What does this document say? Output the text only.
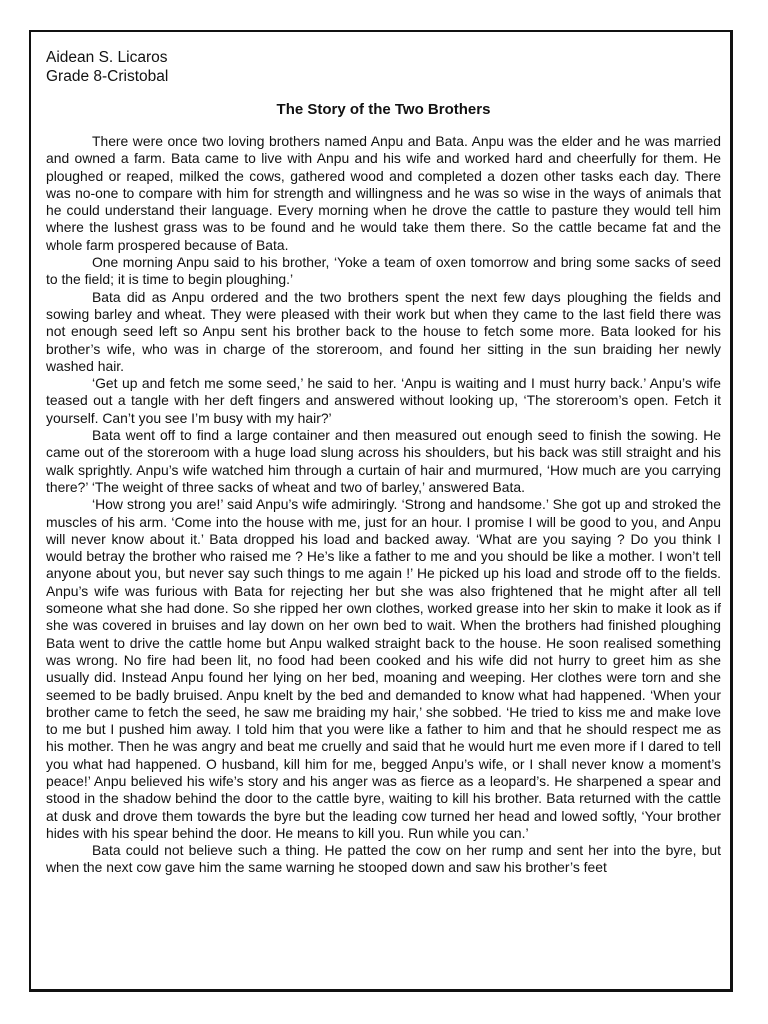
Aidean S. Licaros
Grade 8-Cristobal
The Story of the Two Brothers

There were once two loving brothers named Anpu and Bata. Anpu was the elder and he was married and owned a farm. Bata came to live with Anpu and his wife and worked hard and cheerfully for them. He ploughed or reaped, milked the cows, gathered wood and completed a dozen other tasks each day. There was no-one to compare with him for strength and willingness and he was so wise in the ways of animals that he could understand their language. Every morning when he drove the cattle to pasture they would tell him where the lushest grass was to be found and he would take them there. So the cattle became fat and the whole farm prospered because of Bata.

One morning Anpu said to his brother, ‘Yoke a team of oxen tomorrow and bring some sacks of seed to the field; it is time to begin ploughing.’

Bata did as Anpu ordered and the two brothers spent the next few days ploughing the fields and sowing barley and wheat. They were pleased with their work but when they came to the last field there was not enough seed left so Anpu sent his brother back to the house to fetch some more. Bata looked for his brother’s wife, who was in charge of the storeroom, and found her sitting in the sun braiding her newly washed hair.

‘Get up and fetch me some seed,’ he said to her. ‘Anpu is waiting and I must hurry back.’ Anpu’s wife teased out a tangle with her deft fingers and answered without looking up, ‘The storeroom’s open. Fetch it yourself. Can’t you see I’m busy with my hair?’

Bata went off to find a large container and then measured out enough seed to finish the sowing. He came out of the storeroom with a huge load slung across his shoulders, but his back was still straight and his walk sprightly. Anpu’s wife watched him through a curtain of hair and murmured, ‘How much are you carrying there?’ ‘The weight of three sacks of wheat and two of barley,’ answered Bata.

‘How strong you are!’ said Anpu’s wife admiringly. ‘Strong and handsome.’ She got up and stroked the muscles of his arm. ‘Come into the house with me, just for an hour. I promise I will be good to you, and Anpu will never know about it.’ Bata dropped his load and backed away. ‘What are you saying ? Do you think I would betray the brother who raised me ? He’s like a father to me and you should be like a mother. I won’t tell anyone about you, but never say such things to me again !’ He picked up his load and strode off to the fields. Anpu’s wife was furious with Bata for rejecting her but she was also frightened that he might after all tell someone what she had done. So she ripped her own clothes, worked grease into her skin to make it look as if she was covered in bruises and lay down on her own bed to wait. When the brothers had finished ploughing Bata went to drive the cattle home but Anpu walked straight back to the house. He soon realised something was wrong. No fire had been lit, no food had been cooked and his wife did not hurry to greet him as she usually did. Instead Anpu found her lying on her bed, moaning and weeping. Her clothes were torn and she seemed to be badly bruised. Anpu knelt by the bed and demanded to know what had happened. ‘When your brother came to fetch the seed, he saw me braiding my hair,’ she sobbed. ‘He tried to kiss me and make love to me but I pushed him away. I told him that you were like a father to him and that he should respect me as his mother. Then he was angry and beat me cruelly and said that he would hurt me even more if I dared to tell you what had happened. O husband, kill him for me, begged Anpu’s wife, or I shall never know a moment’s peace!’ Anpu believed his wife’s story and his anger was as fierce as a leopard’s. He sharpened a spear and stood in the shadow behind the door to the cattle byre, waiting to kill his brother. Bata returned with the cattle at dusk and drove them towards the byre but the leading cow turned her head and lowed softly, ‘Your brother hides with his spear behind the door. He means to kill you. Run while you can.’

Bata could not believe such a thing. He patted the cow on her rump and sent her into the byre, but when the next cow gave him the same warning he stooped down and saw his brother’s feet
